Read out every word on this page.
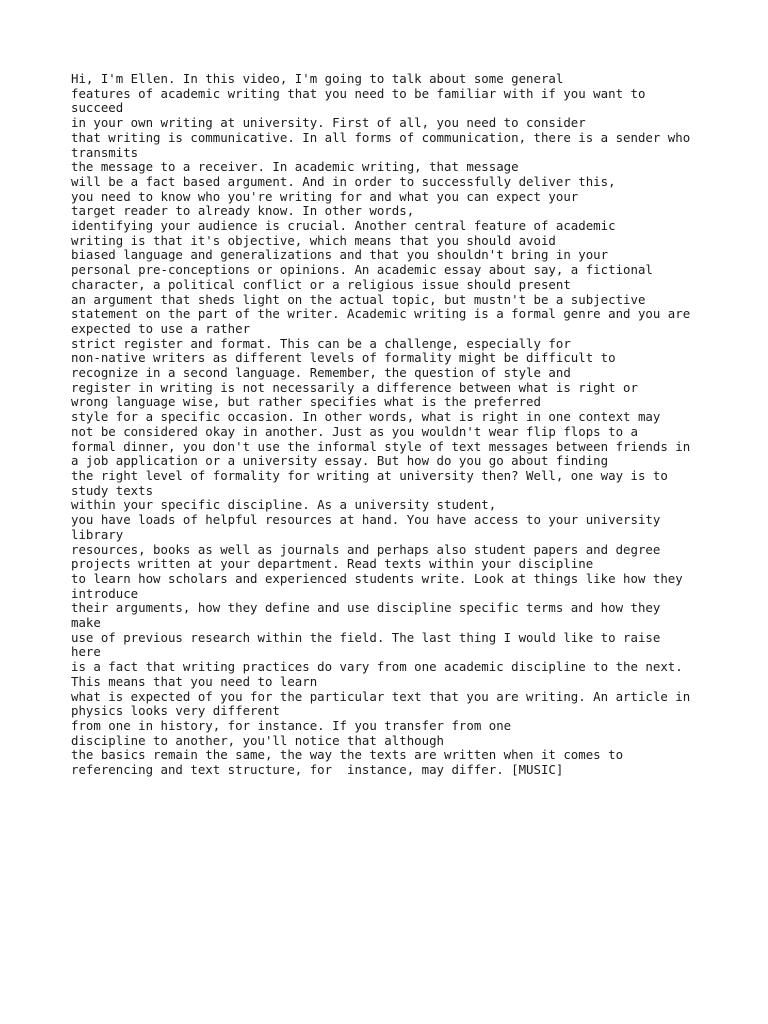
Hi, I'm Ellen. In this video, I'm going to talk about some general
features of academic writing that you need to be familiar with if you want to
succeed
in your own writing at university. First of all, you need to consider
that writing is communicative. In all forms of communication, there is a sender who
transmits
the message to a receiver. In academic writing, that message
will be a fact based argument. And in order to successfully deliver this,
you need to know who you're writing for and what you can expect your
target reader to already know. In other words,
identifying your audience is crucial. Another central feature of academic
writing is that it's objective, which means that you should avoid
biased language and generalizations and that you shouldn't bring in your
personal pre-conceptions or opinions. An academic essay about say, a fictional
character, a political conflict or a religious issue should present
an argument that sheds light on the actual topic, but mustn't be a subjective
statement on the part of the writer. Academic writing is a formal genre and you are
expected to use a rather
strict register and format. This can be a challenge, especially for
non-native writers as different levels of formality might be difficult to
recognize in a second language. Remember, the question of style and
register in writing is not necessarily a difference between what is right or
wrong language wise, but rather specifies what is the preferred
style for a specific occasion. In other words, what is right in one context may
not be considered okay in another. Just as you wouldn't wear flip flops to a
formal dinner, you don't use the informal style of text messages between friends in
a job application or a university essay. But how do you go about finding
the right level of formality for writing at university then? Well, one way is to
study texts
within your specific discipline. As a university student,
you have loads of helpful resources at hand. You have access to your university
library
resources, books as well as journals and perhaps also student papers and degree
projects written at your department. Read texts within your discipline
to learn how scholars and experienced students write. Look at things like how they
introduce
their arguments, how they define and use discipline specific terms and how they
make
use of previous research within the field. The last thing I would like to raise
here
is a fact that writing practices do vary from one academic discipline to the next.
This means that you need to learn
what is expected of you for the particular text that you are writing. An article in
physics looks very different
from one in history, for instance. If you transfer from one
discipline to another, you'll notice that although
the basics remain the same, the way the texts are written when it comes to
referencing and text structure, for  instance, may differ. [MUSIC]
